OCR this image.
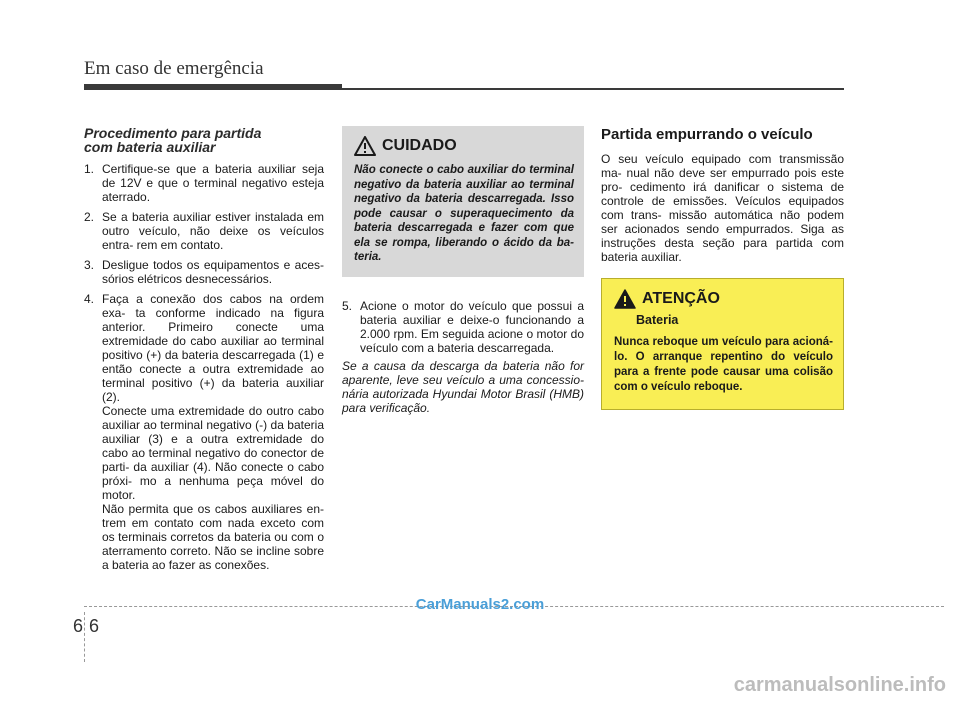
Em caso de emergência
Procedimento para partida
com bateria auxiliar
1. Certifique-se que a bateria auxiliar seja de 12V e que o terminal negativo esteja aterrado.
2. Se a bateria auxiliar estiver instalada em outro veículo, não deixe os veículos entra- rem em contato.
3. Desligue todos os equipamentos e aces- sórios elétricos desnecessários.
4. Faça a conexão dos cabos na ordem exa- ta conforme indicado na figura anterior. Primeiro conecte uma extremidade do cabo auxiliar ao terminal positivo (+) da bateria descarregada (1) e então conecte a outra extremidade ao terminal positivo (+) da bateria auxiliar (2).
Conecte uma extremidade do outro cabo auxiliar ao terminal negativo (-) da bateria auxiliar (3) e a outra extremidade do cabo ao terminal negativo do conector de parti- da auxiliar (4). Não conecte o cabo próxi- mo a nenhuma peça móvel do motor.
Não permita que os cabos auxiliares en- trem em contato com nada exceto com os terminais corretos da bateria ou com o aterramento correto. Não se incline sobre a bateria ao fazer as conexões.
CUIDADO
Não conecte o cabo auxiliar do terminal negativo da bateria auxiliar ao terminal negativo da bateria descarregada. Isso pode causar o superaquecimento da bateria descarregada e fazer com que ela se rompa, liberando o ácido da ba- teria.
5. Acione o motor do veículo que possui a bateria auxiliar e deixe-o funcionando a 2.000 rpm. Em seguida acione o motor do veículo com a bateria descarregada.
Se a causa da descarga da bateria não for aparente, leve seu veículo a uma concessio- nária autorizada Hyundai Motor Brasil (HMB) para verificação.
Partida empurrando o veículo
O seu veículo equipado com transmissão ma- nual não deve ser empurrado pois este pro- cedimento irá danificar o sistema de controle de emissões. Veículos equipados com trans- missão automática não podem ser acionados sendo empurrados. Siga as instruções desta seção para partida com bateria auxiliar.
ATENÇÃO
Bateria
Nunca reboque um veículo para acioná- lo. O arranque repentino do veículo para a frente pode causar uma colisão com o veículo reboque.
6 6
CarManuals2.com
carmanualsonline.info
